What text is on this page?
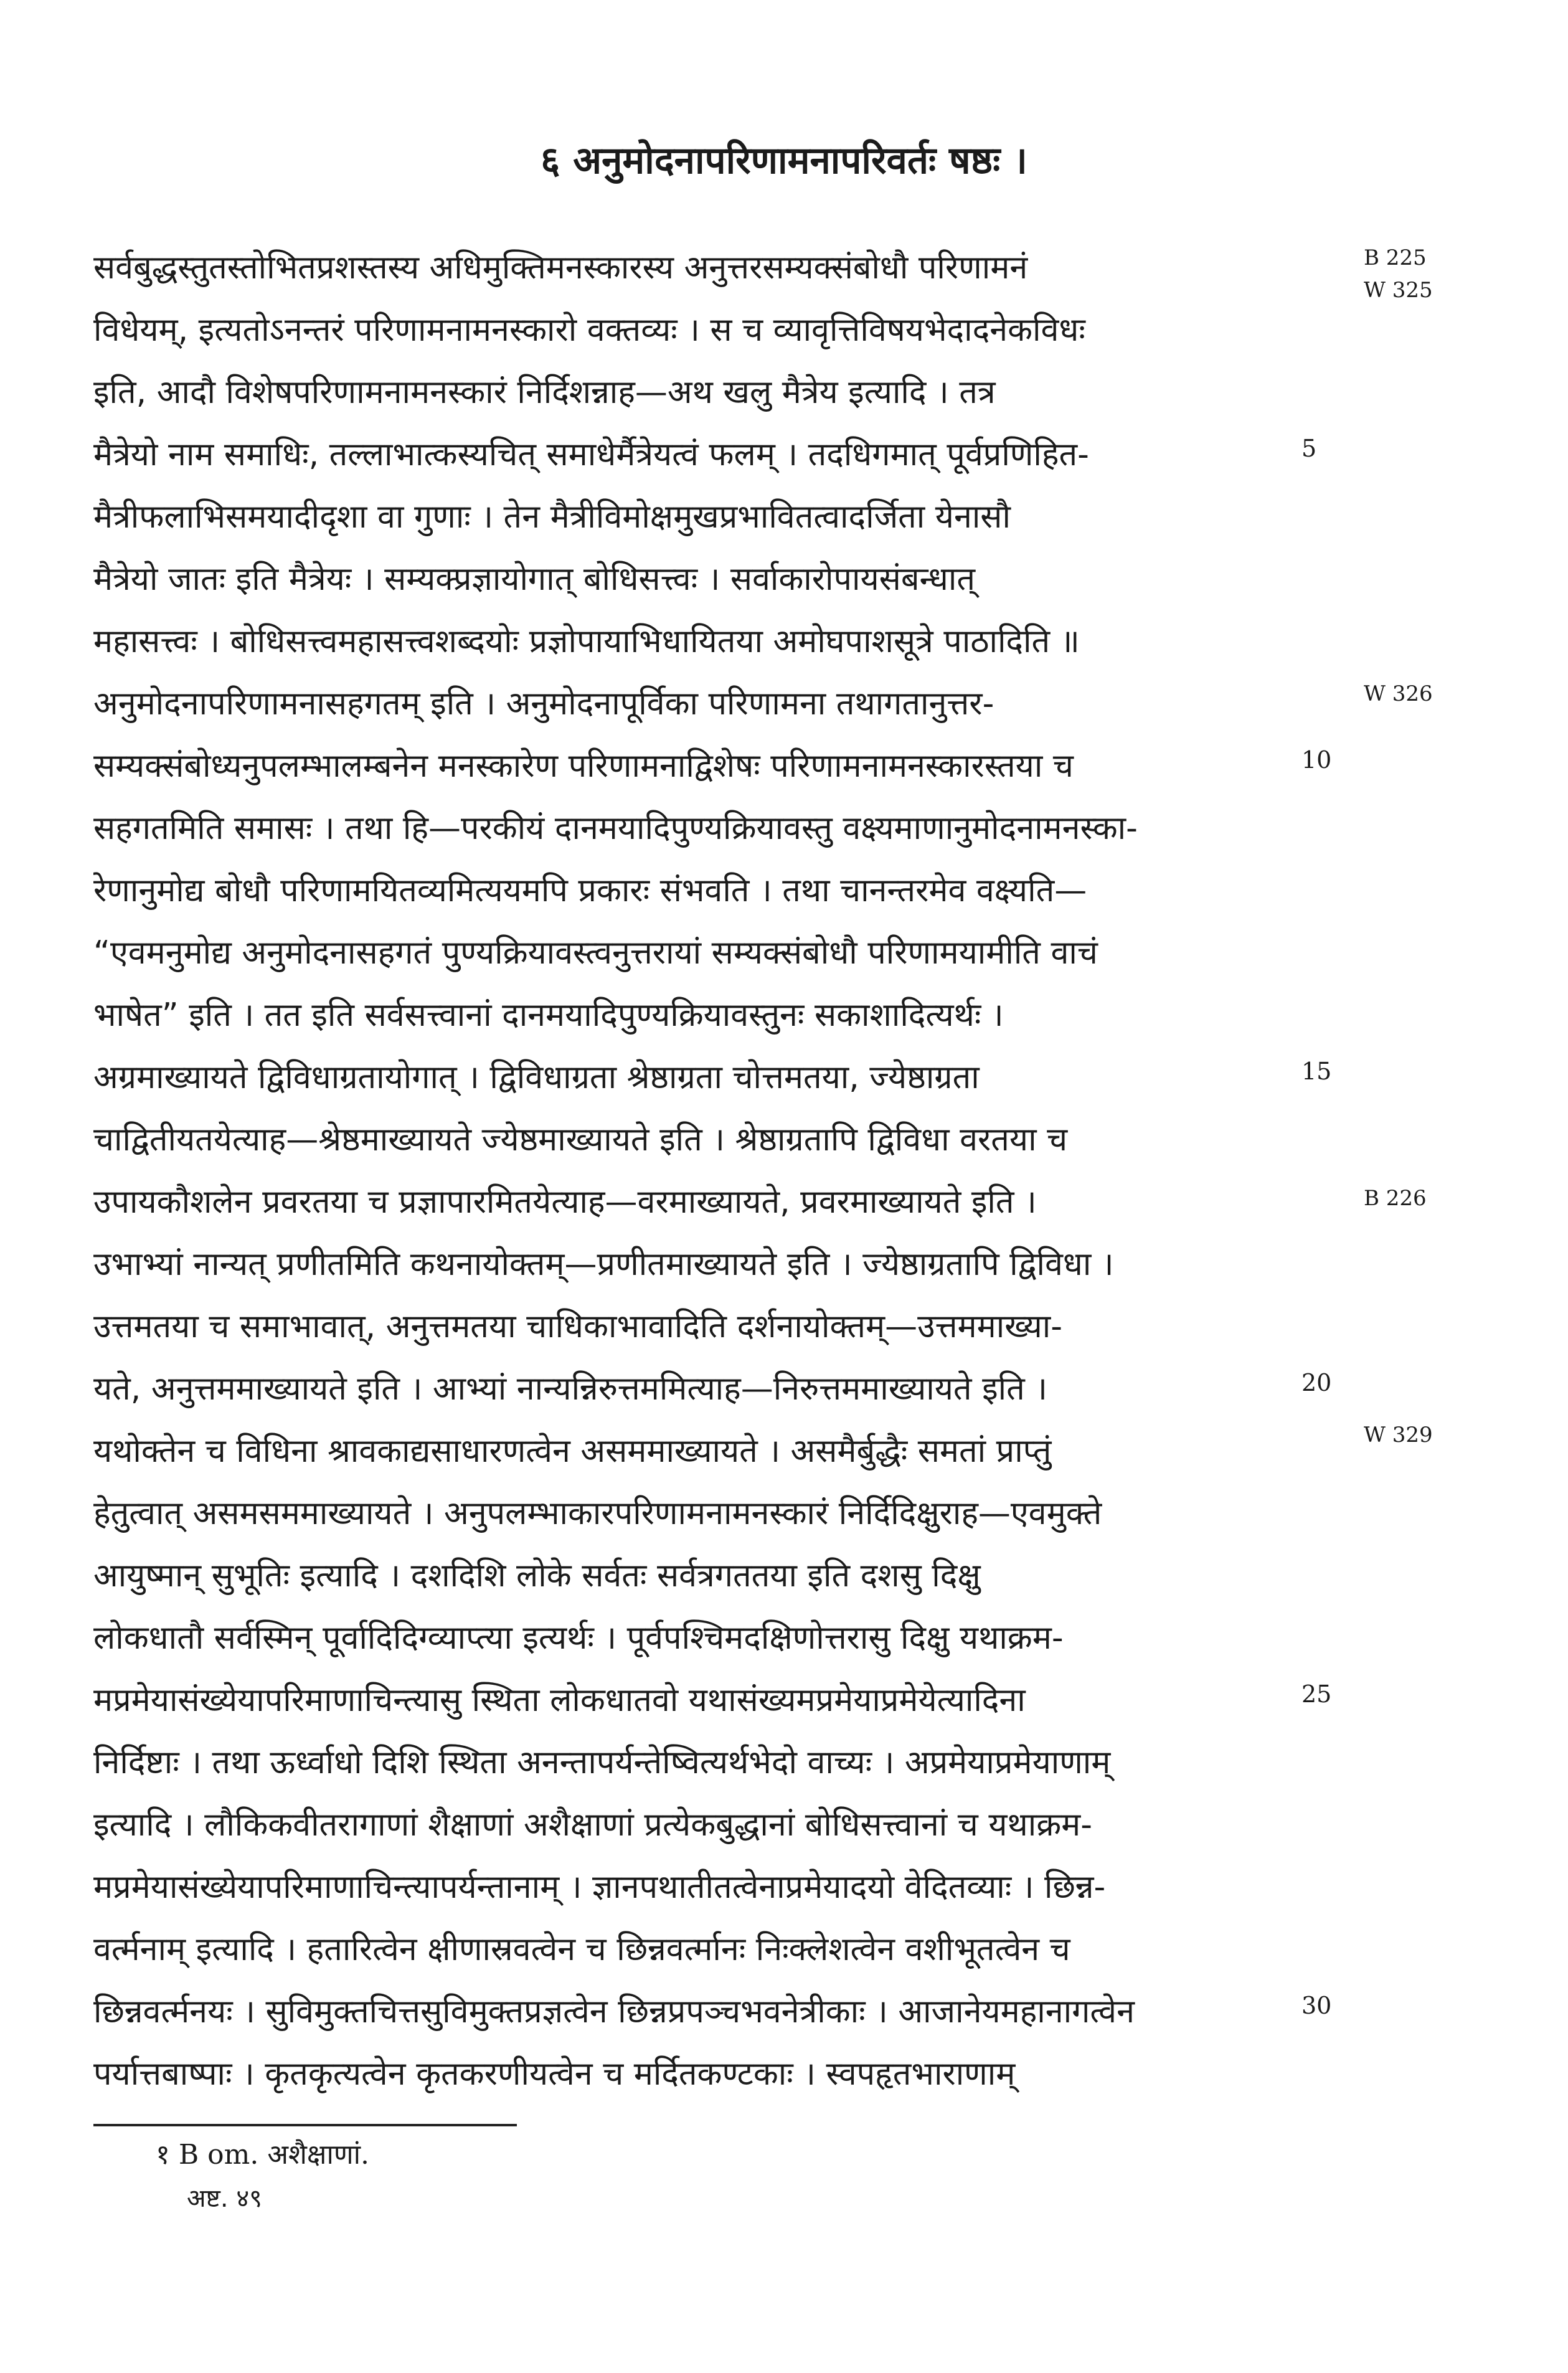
६ अनुमोदनापरिणामनापरिवर्तः षष्ठः ।
सर्वबुद्धस्तुतस्तोभितप्रशस्तस्य अधिमुक्तिमनस्कारस्य अनुत्तरसम्यक्संबोधौ परिणामनं
विधेयम्, इत्यतोऽनन्तरं परिणामनामनस्कारो वक्तव्यः । स च व्यावृत्तिविषयभेदादनेकविधः
इति, आदौ विशेषपरिणामनामनस्कारं निर्दिशन्नाह—अथ खलु मैत्रेय इत्यादि । तत्र
मैत्रेयो नाम समाधिः, तल्लाभात्कस्यचित् समाधेर्मैत्रेयत्वं फलम् । तदधिगमात् पूर्वप्रणिहित-
मैत्रीफलाभिसमयादीदृशा वा गुणाः । तेन मैत्रीविमोक्षमुखप्रभावितत्वादर्जिता येनासौ
मैत्रेयो जातः इति मैत्रेयः । सम्यक्प्रज्ञायोगात् बोधिसत्त्वः । सर्वाकारोपायसंबन्धात्
महासत्त्वः । बोधिसत्त्वमहासत्त्वशब्दयोः प्रज्ञोपायाभिधायितया अमोघपाशसूत्रे पाठादिति ॥
अनुमोदनापरिणामनासहगतम् इति । अनुमोदनापूर्विका परिणामना तथागतानुत्तर-
सम्यक्संबोध्यनुपलम्भालम्बनेन मनस्कारेण परिणामनाद्विशेषः परिणामनामनस्कारस्तया च
सहगतमिति समासः । तथा हि—परकीयं दानमयादिपुण्यक्रियावस्तु वक्ष्यमाणानुमोदनामनस्का-
रेणानुमोद्य बोधौ परिणामयितव्यमित्ययमपि प्रकारः संभवति । तथा चानन्तरमेव वक्ष्यति—
“एवमनुमोद्य अनुमोदनासहगतं पुण्यक्रियावस्त्वनुत्तरायां सम्यक्संबोधौ परिणामयामीति वाचं
भाषेत” इति । तत इति सर्वसत्त्वानां दानमयादिपुण्यक्रियावस्तुनः सकाशादित्यर्थः ।
अग्रमाख्यायते द्विविधाग्रतायोगात् । द्विविधाग्रता श्रेष्ठाग्रता चोत्तमतया, ज्येष्ठाग्रता
चाद्वितीयतयेत्याह—श्रेष्ठमाख्यायते ज्येष्ठमाख्यायते इति । श्रेष्ठाग्रतापि द्विविधा वरतया च
उपायकौशलेन प्रवरतया च प्रज्ञापारमितयेत्याह—वरमाख्यायते, प्रवरमाख्यायते इति ।
उभाभ्यां नान्यत् प्रणीतमिति कथनायोक्तम्—प्रणीतमाख्यायते इति । ज्येष्ठाग्रतापि द्विविधा ।
उत्तमतया च समाभावात्, अनुत्तमतया चाधिकाभावादिति दर्शनायोक्तम्—उत्तममाख्या-
यते, अनुत्तममाख्यायते इति । आभ्यां नान्यन्निरुत्तममित्याह—निरुत्तममाख्यायते इति ।
यथोक्तेन च विधिना श्रावकाद्यसाधारणत्वेन असममाख्यायते । असमैर्बुद्धैः समतां प्राप्तुं
हेतुत्वात् असमसममाख्यायते । अनुपलम्भाकारपरिणामनामनस्कारं निर्दिदिक्षुराह—एवमुक्ते
आयुष्मान् सुभूतिः इत्यादि । दशदिशि लोके सर्वतः सर्वत्रगततया इति दशसु दिक्षु
लोकधातौ सर्वस्मिन् पूर्वादिदिग्व्याप्त्या इत्यर्थः । पूर्वपश्चिमदक्षिणोत्तरासु दिक्षु यथाक्रम-
मप्रमेयासंख्येयापरिमाणाचिन्त्यासु स्थिता लोकधातवो यथासंख्यमप्रमेयाप्रमेयेत्यादिना
निर्दिष्टाः । तथा ऊर्ध्वाधो दिशि स्थिता अनन्तापर्यन्तेष्वित्यर्थभेदो वाच्यः । अप्रमेयाप्रमेयाणाम्
इत्यादि । लौकिकवीतरागाणां शैक्षाणां अशैक्षाणां प्रत्येकबुद्धानां बोधिसत्त्वानां च यथाक्रम-
मप्रमेयासंख्येयापरिमाणाचिन्त्यापर्यन्तानाम् । ज्ञानपथातीतत्वेनाप्रमेयादयो वेदितव्याः । छिन्न-
वर्त्मनाम् इत्यादि । हतारित्वेन क्षीणास्रवत्वेन च छिन्नवर्त्मानः निःक्लेशत्वेन वशीभूतत्वेन च
छिन्नवर्त्मनयः । सुविमुक्तचित्तसुविमुक्तप्रज्ञत्वेन छिन्नप्रपञ्चभवनेत्रीकाः । आजानेयमहानागत्वेन
पर्यात्तबाष्पाः । कृतकृत्यत्वेन कृतकरणीयत्वेन च मर्दितकण्टकाः । स्वपहृतभाराणाम्
5
10
15
20
25
30
B 225
W 325
W 326
B 226
W 329
१ B om. अशैक्षाणां.
अष्ट. ४९
